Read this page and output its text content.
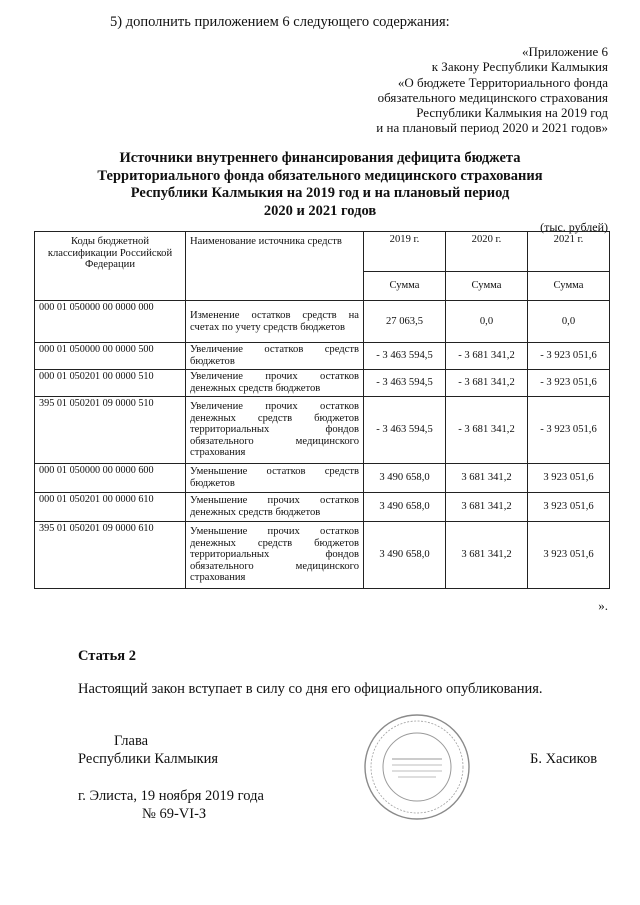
5) дополнить приложением 6 следующего содержания:
«Приложение 6
к Закону Республики Калмыкия
«О бюджете Территориального фонда
обязательного медицинского страхования
Республики Калмыкия на 2019 год
и на плановый период 2020 и 2021 годов»
Источники внутреннего финансирования дефицита бюджета
Территориального фонда обязательного медицинского страхования
Республики Калмыкия на 2019 год и на плановый период
2020 и 2021 годов
(тыс. рублей)
Коды бюджетной классификации Российской Федерации	Наименование источника средств	2019 г.	2020 г.	2021 г.
		Сумма	Сумма	Сумма
000 01 050000 00 0000 000	Изменение остатков средств на счетах по учету средств бюджетов	27 063,5	0,0	0,0
000 01 050000 00 0000 500	Увеличение остатков средств бюджетов	- 3 463 594,5	- 3 681 341,2	- 3 923 051,6
000 01 050201 00 0000 510	Увеличение прочих остатков денежных средств бюджетов	- 3 463 594,5	- 3 681 341,2	- 3 923 051,6
395 01 050201 09 0000 510	Увеличение прочих остатков денежных средств бюджетов территориальных фондов обязательного медицинского страхования	- 3 463 594,5	- 3 681 341,2	- 3 923 051,6
000 01 050000 00 0000 600	Уменьшение остатков средств бюджетов	3 490 658,0	3 681 341,2	3 923 051,6
000 01 050201 00 0000 610	Уменьшение прочих остатков денежных средств бюджетов	3 490 658,0	3 681 341,2	3 923 051,6
395 01 050201 09 0000 610	Уменьшение прочих остатков денежных средств бюджетов территориальных фондов обязательного медицинского страхования	3 490 658,0	3 681 341,2	3 923 051,6
».
Статья 2
Настоящий закон вступает в силу со дня его официального опубликования.
Глава
Республики Калмыкия	Б. Хасиков
г. Элиста, 19 ноября 2019 года
№ 69-VI-З
